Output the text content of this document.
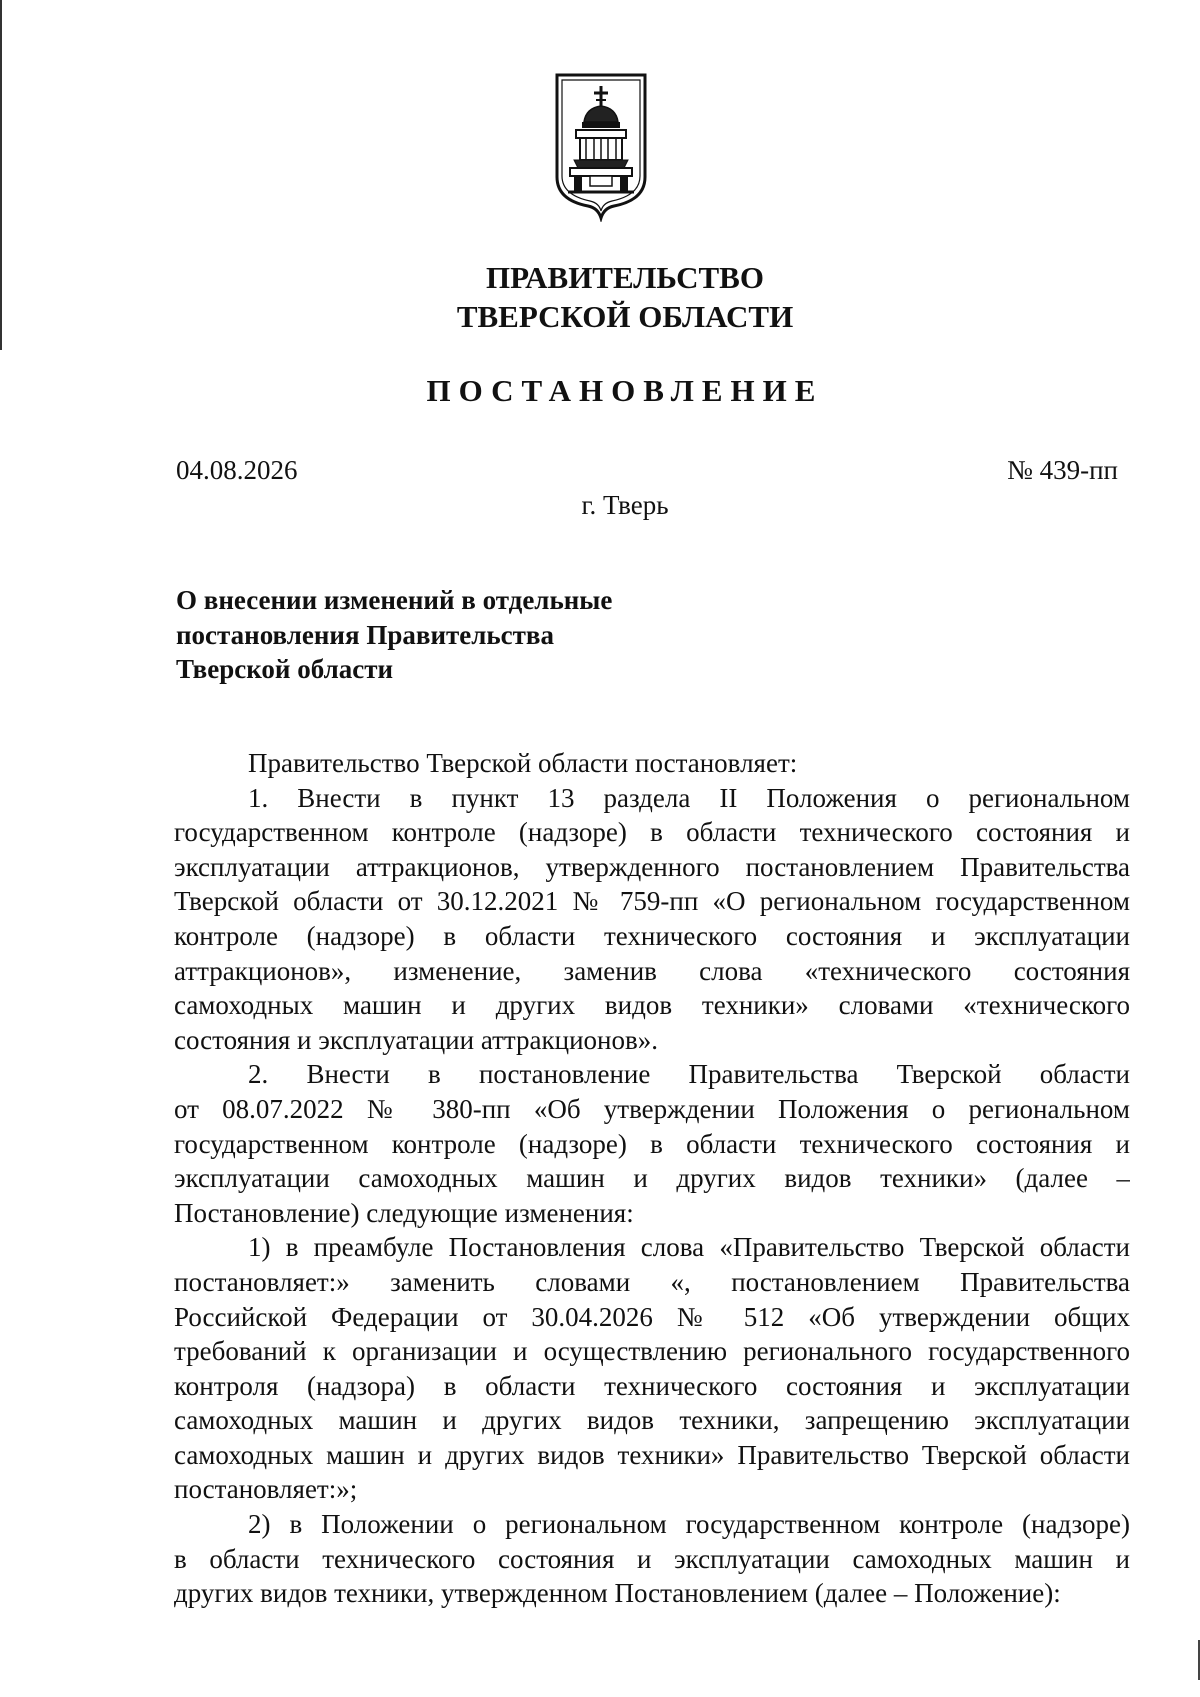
ПРАВИТЕЛЬСТВО
ТВЕРСКОЙ ОБЛАСТИ
ПОСТАНОВЛЕНИЕ
04.08.2026	№ 439-пп
г. Тверь
О внесении изменений в отдельные
постановления Правительства
Тверской области
Правительство Тверской области постановляет:
1. Внести в пункт 13 раздела II Положения о региональном
государственном контроле (надзоре) в области технического состояния и
эксплуатации аттракционов, утвержденного постановлением Правительства
Тверской области от 30.12.2021 № 759-пп «О региональном государственном
контроле (надзоре) в области технического состояния и эксплуатации
аттракционов», изменение, заменив слова «технического состояния
самоходных машин и других видов техники» словами «технического
состояния и эксплуатации аттракционов».
2. Внести в постановление Правительства Тверской области
от 08.07.2022 № 380-пп «Об утверждении Положения о региональном
государственном контроле (надзоре) в области технического состояния и
эксплуатации самоходных машин и других видов техники» (далее –
Постановление) следующие изменения:
1) в преамбуле Постановления слова «Правительство Тверской области
постановляет:» заменить словами «, постановлением Правительства
Российской Федерации от 30.04.2026 № 512 «Об утверждении общих
требований к организации и осуществлению регионального государственного
контроля (надзора) в области технического состояния и эксплуатации
самоходных машин и других видов техники, запрещению эксплуатации
самоходных машин и других видов техники» Правительство Тверской области
постановляет:»;
2) в Положении о региональном государственном контроле (надзоре)
в области технического состояния и эксплуатации самоходных машин и
других видов техники, утвержденном Постановлением (далее – Положение):
